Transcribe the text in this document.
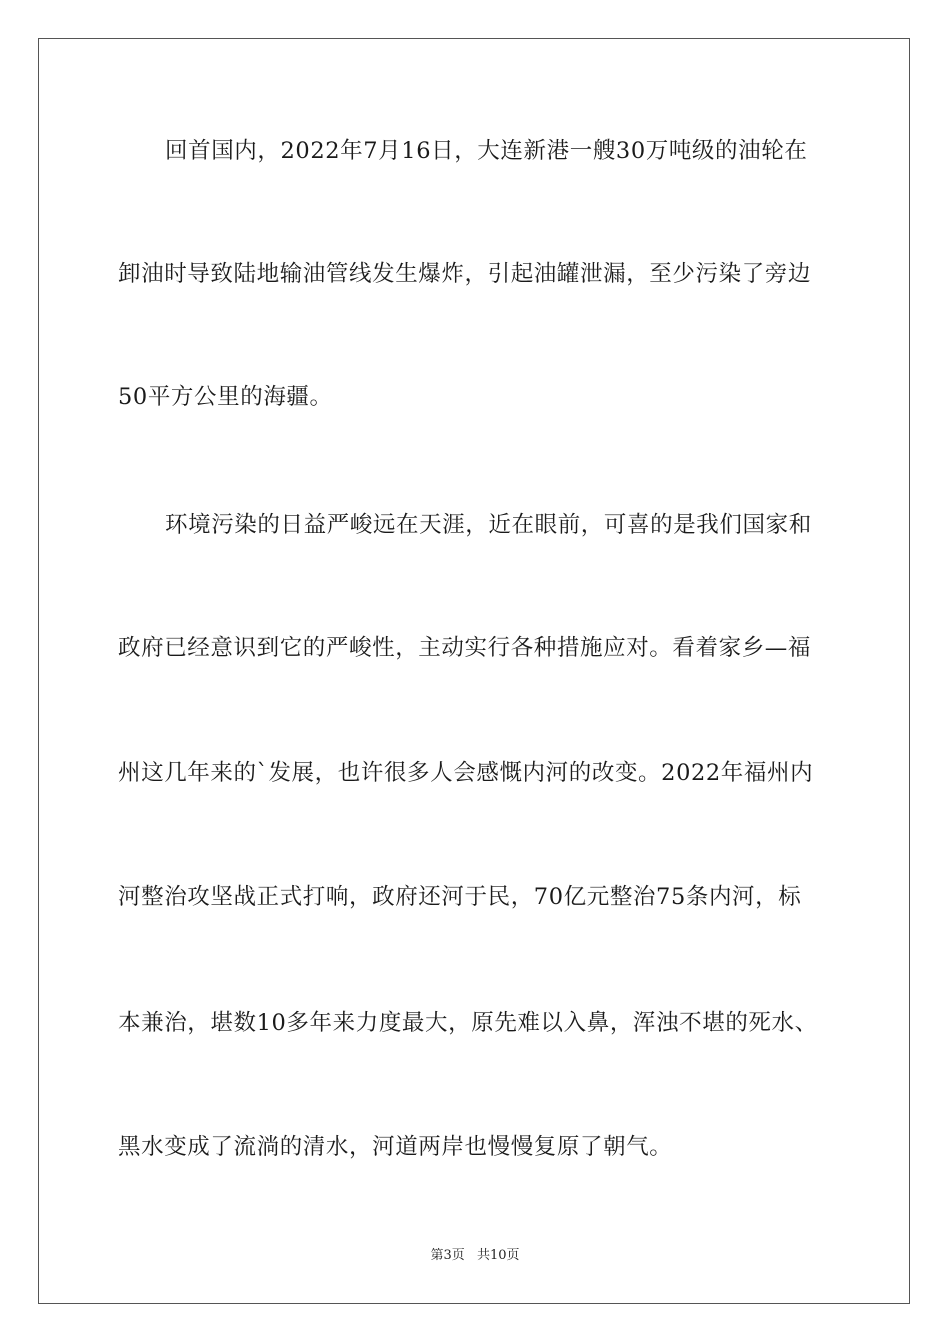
回首国内，2022年7月16日，大连新港一艘30万吨级的油轮在
卸油时导致陆地输油管线发生爆炸，引起油罐泄漏，至少污染了旁边
50平方公里的海疆。
环境污染的日益严峻远在天涯，近在眼前，可喜的是我们国家和
政府已经意识到它的严峻性，主动实行各种措施应对。看着家乡—福
州这几年来的`发展，也许很多人会感慨内河的改变。2022年福州内
河整治攻坚战正式打响，政府还河于民，70亿元整治75条内河，标
本兼治，堪数10多年来力度最大，原先难以入鼻，浑浊不堪的死水、
黑水变成了流淌的清水，河道两岸也慢慢复原了朝气。
第3页 共10页
